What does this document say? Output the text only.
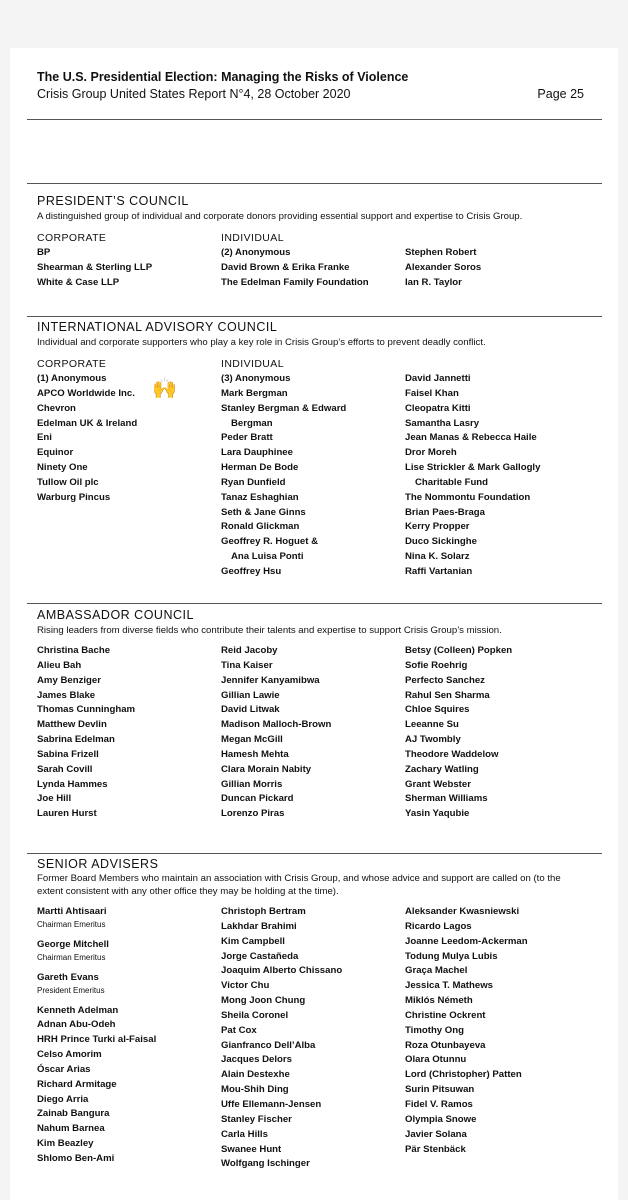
The U.S. Presidential Election: Managing the Risks of Violence
Crisis Group United States Report N°4, 28 October 2020	Page 25
PRESIDENT’S COUNCIL
A distinguished group of individual and corporate donors providing essential support and expertise to Crisis Group.
CORPORATE
BP
Shearman & Sterling LLP
White & Case LLP
INDIVIDUAL
(2) Anonymous
David Brown & Erika Franke
The Edelman Family Foundation
Stephen Robert
Alexander Soros
Ian R. Taylor
INTERNATIONAL ADVISORY COUNCIL
Individual and corporate supporters who play a key role in Crisis Group’s efforts to prevent deadly conflict.
CORPORATE
(1) Anonymous
APCO Worldwide Inc.
Chevron
Edelman UK & Ireland
Eni
Equinor
Ninety One
Tullow Oil plc
Warburg Pincus
🙌
INDIVIDUAL
(3) Anonymous
Mark Bergman
Stanley Bergman & Edward
Bergman
Peder Bratt
Lara Dauphinee
Herman De Bode
Ryan Dunfield
Tanaz Eshaghian
Seth & Jane Ginns
Ronald Glickman
Geoffrey R. Hoguet &
Ana Luisa Ponti
Geoffrey Hsu
David Jannetti
Faisel Khan
Cleopatra Kitti
Samantha Lasry
Jean Manas & Rebecca Haile
Dror Moreh
Lise Strickler & Mark Gallogly
Charitable Fund
The Nommontu Foundation
Brian Paes-Braga
Kerry Propper
Duco Sickinghe
Nina K. Solarz
Raffi Vartanian
AMBASSADOR COUNCIL
Rising leaders from diverse fields who contribute their talents and expertise to support Crisis Group’s mission.
Christina Bache
Alieu Bah
Amy Benziger
James Blake
Thomas Cunningham
Matthew Devlin
Sabrina Edelman
Sabina Frizell
Sarah Covill
Lynda Hammes
Joe Hill
Lauren Hurst
Reid Jacoby
Tina Kaiser
Jennifer Kanyamibwa
Gillian Lawie
David Litwak
Madison Malloch-Brown
Megan McGill
Hamesh Mehta
Clara Morain Nabity
Gillian Morris
Duncan Pickard
Lorenzo Piras
Betsy (Colleen) Popken
Sofie Roehrig
Perfecto Sanchez
Rahul Sen Sharma
Chloe Squires
Leeanne Su
AJ Twombly
Theodore Waddelow
Zachary Watling
Grant Webster
Sherman Williams
Yasin Yaqubie
SENIOR ADVISERS
Former Board Members who maintain an association with Crisis Group, and whose advice and support are called on (to the extent consistent with any other office they may be holding at the time).
Martti Ahtisaari
Chairman Emeritus
George Mitchell
Chairman Emeritus
Gareth Evans
President Emeritus
Kenneth Adelman
Adnan Abu-Odeh
HRH Prince Turki al-Faisal
Celso Amorim
Óscar Arias
Richard Armitage
Diego Arria
Zainab Bangura
Nahum Barnea
Kim Beazley
Shlomo Ben-Ami
Christoph Bertram
Lakhdar Brahimi
Kim Campbell
Jorge Castañeda
Joaquim Alberto Chissano
Victor Chu
Mong Joon Chung
Sheila Coronel
Pat Cox
Gianfranco Dell’Alba
Jacques Delors
Alain Destexhe
Mou-Shih Ding
Uffe Ellemann-Jensen
Stanley Fischer
Carla Hills
Swanee Hunt
Wolfgang Ischinger
Aleksander Kwasniewski
Ricardo Lagos
Joanne Leedom-Ackerman
Todung Mulya Lubis
Graça Machel
Jessica T. Mathews
Miklós Németh
Christine Ockrent
Timothy Ong
Roza Otunbayeva
Olara Otunnu
Lord (Christopher) Patten
Surin Pitsuwan
Fidel V. Ramos
Olympia Snowe
Javier Solana
Pär Stenbäck
